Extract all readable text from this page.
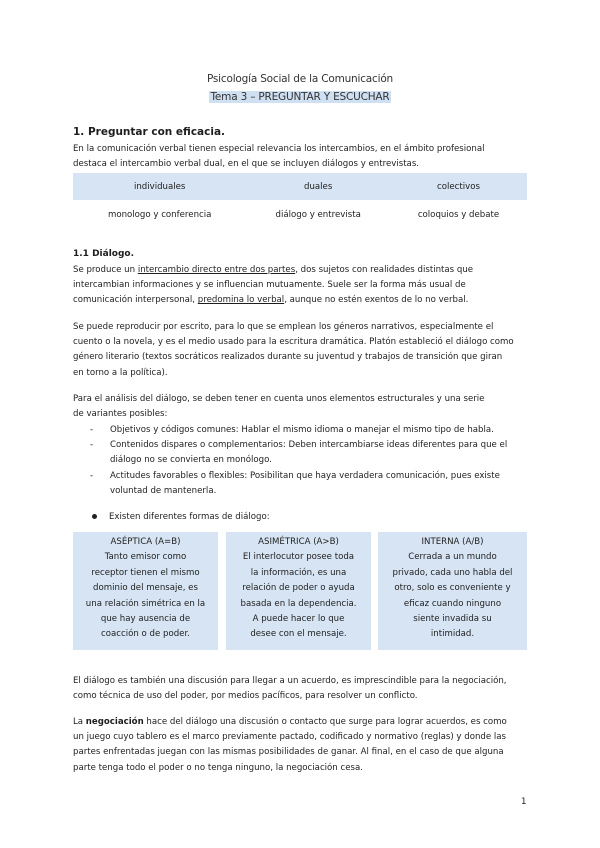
Psicología Social de la Comunicación
Tema 3 – PREGUNTAR Y ESCUCHAR
1. Preguntar con eficacia.
En la comunicación verbal tienen especial relevancia los intercambios, en el ámbito profesional
destaca el intercambio verbal dual, en el que se incluyen diálogos y entrevistas.
individuales	duales	colectivos
monologo y conferencia	diálogo y entrevista	coloquios y debate
1.1 Diálogo.
Se produce un intercambio directo entre dos partes, dos sujetos con realidades distintas que
intercambian informaciones y se influencian mutuamente. Suele ser la forma más usual de
comunicación interpersonal, predomina lo verbal, aunque no estén exentos de lo no verbal.
Se puede reproducir por escrito, para lo que se emplean los géneros narrativos, especialmente el
cuento o la novela, y es el medio usado para la escritura dramática. Platón estableció el diálogo como
género literario (textos socráticos realizados durante su juventud y trabajos de transición que giran
en torno a la política).
Para el análisis del diálogo, se deben tener en cuenta unos elementos estructurales y una serie
de variantes posibles:
- Objetivos y códigos comunes: Hablar el mismo idioma o manejar el mismo tipo de habla.
- Contenidos dispares o complementarios: Deben intercambiarse ideas diferentes para que el
diálogo no se convierta en monólogo.
- Actitudes favorables o flexibles: Posibilitan que haya verdadera comunicación, pues existe
voluntad de mantenerla.
Existen diferentes formas de diálogo:
ASÉPTICA (A=B)
Tanto emisor como
receptor tienen el mismo
dominio del mensaje, es
una relación simétrica en la
que hay ausencia de
coacción o de poder.
ASIMÉTRICA (A>B)
El interlocutor posee toda
la información, es una
relación de poder o ayuda
basada en la dependencia.
A puede hacer lo que
desee con el mensaje.
INTERNA (A/B)
Cerrada a un mundo
privado, cada uno habla del
otro, solo es conveniente y
eficaz cuando ninguno
siente invadida su
intimidad.
El diálogo es también una discusión para llegar a un acuerdo, es imprescindible para la negociación,
como técnica de uso del poder, por medios pacíficos, para resolver un conflicto.
La negociación hace del diálogo una discusión o contacto que surge para lograr acuerdos, es como
un juego cuyo tablero es el marco previamente pactado, codificado y normativo (reglas) y donde las
partes enfrentadas juegan con las mismas posibilidades de ganar. Al final, en el caso de que alguna
parte tenga todo el poder o no tenga ninguno, la negociación cesa.
1
